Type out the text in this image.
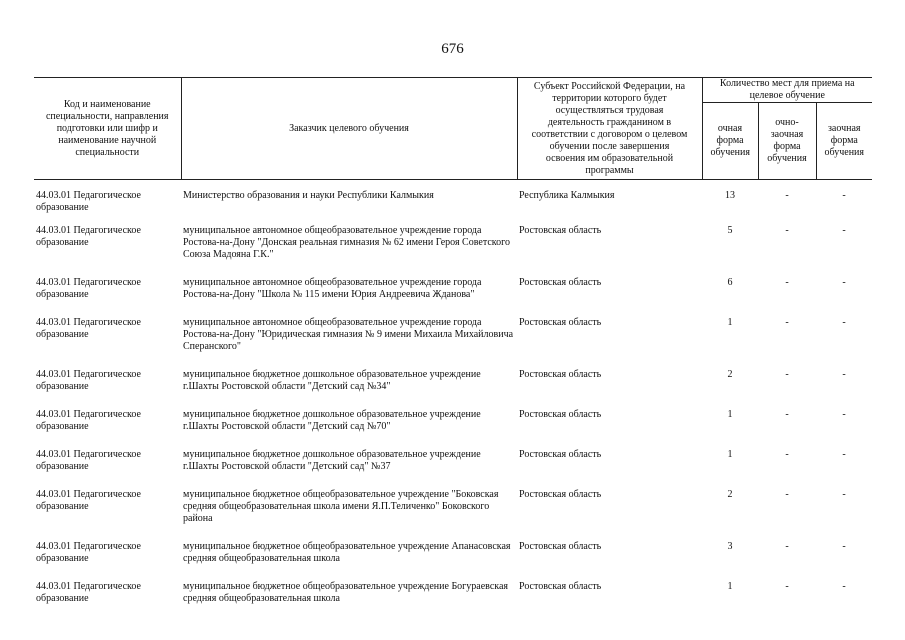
676
Код и наименование специальности, направления подготовки или шифр и наименование научной специальности	Заказчик целевого обучения	Субъект Российской Федерации, на территории которого будет осуществляться трудовая деятельность гражданином в соответствии с договором о целевом обучении после завершения освоения им образовательной программы	Количество мест для приема на целевое обучение		
			очная форма обучения	очно-заочная форма обучения	заочная форма обучения
44.03.01 Педагогическое образование	Министерство образования и науки Республики Калмыкия	Республика Калмыкия	13	-	-
44.03.01 Педагогическое образование	муниципальное автономное общеобразовательное учреждение города Ростова-на-Дону "Донская реальная гимназия № 62 имени Героя Советского Союза Мадояна Г.К."	Ростовская область	5	-	-
44.03.01 Педагогическое образование	муниципальное автономное общеобразовательное учреждение города Ростова-на-Дону "Школа № 115 имени Юрия Андреевича Жданова"	Ростовская область	6	-	-
44.03.01 Педагогическое образование	муниципальное автономное общеобразовательное учреждение города Ростова-на-Дону "Юридическая гимназия № 9 имени Михаила Михайловича Сперанского"	Ростовская область	1	-	-
44.03.01 Педагогическое образование	муниципальное бюджетное дошкольное образовательное учреждение г.Шахты Ростовской области "Детский сад №34"	Ростовская область	2	-	-
44.03.01 Педагогическое образование	муниципальное бюджетное дошкольное образовательное учреждение г.Шахты Ростовской области "Детский сад №70"	Ростовская область	1	-	-
44.03.01 Педагогическое образование	муниципальное бюджетное дошкольное образовательное учреждение г.Шахты Ростовской области "Детский сад" №37	Ростовская область	1	-	-
44.03.01 Педагогическое образование	муниципальное бюджетное общеобразовательное учреждение "Боковская средняя общеобразовательная школа имени Я.П.Теличенко" Боковского района	Ростовская область	2	-	-
44.03.01 Педагогическое образование	муниципальное бюджетное общеобразовательное учреждение Апанасовская средняя общеобразовательная школа	Ростовская область	3	-	-
44.03.01 Педагогическое образование	муниципальное бюджетное общеобразовательное учреждение Богураевская средняя общеобразовательная школа	Ростовская область	1	-	-
